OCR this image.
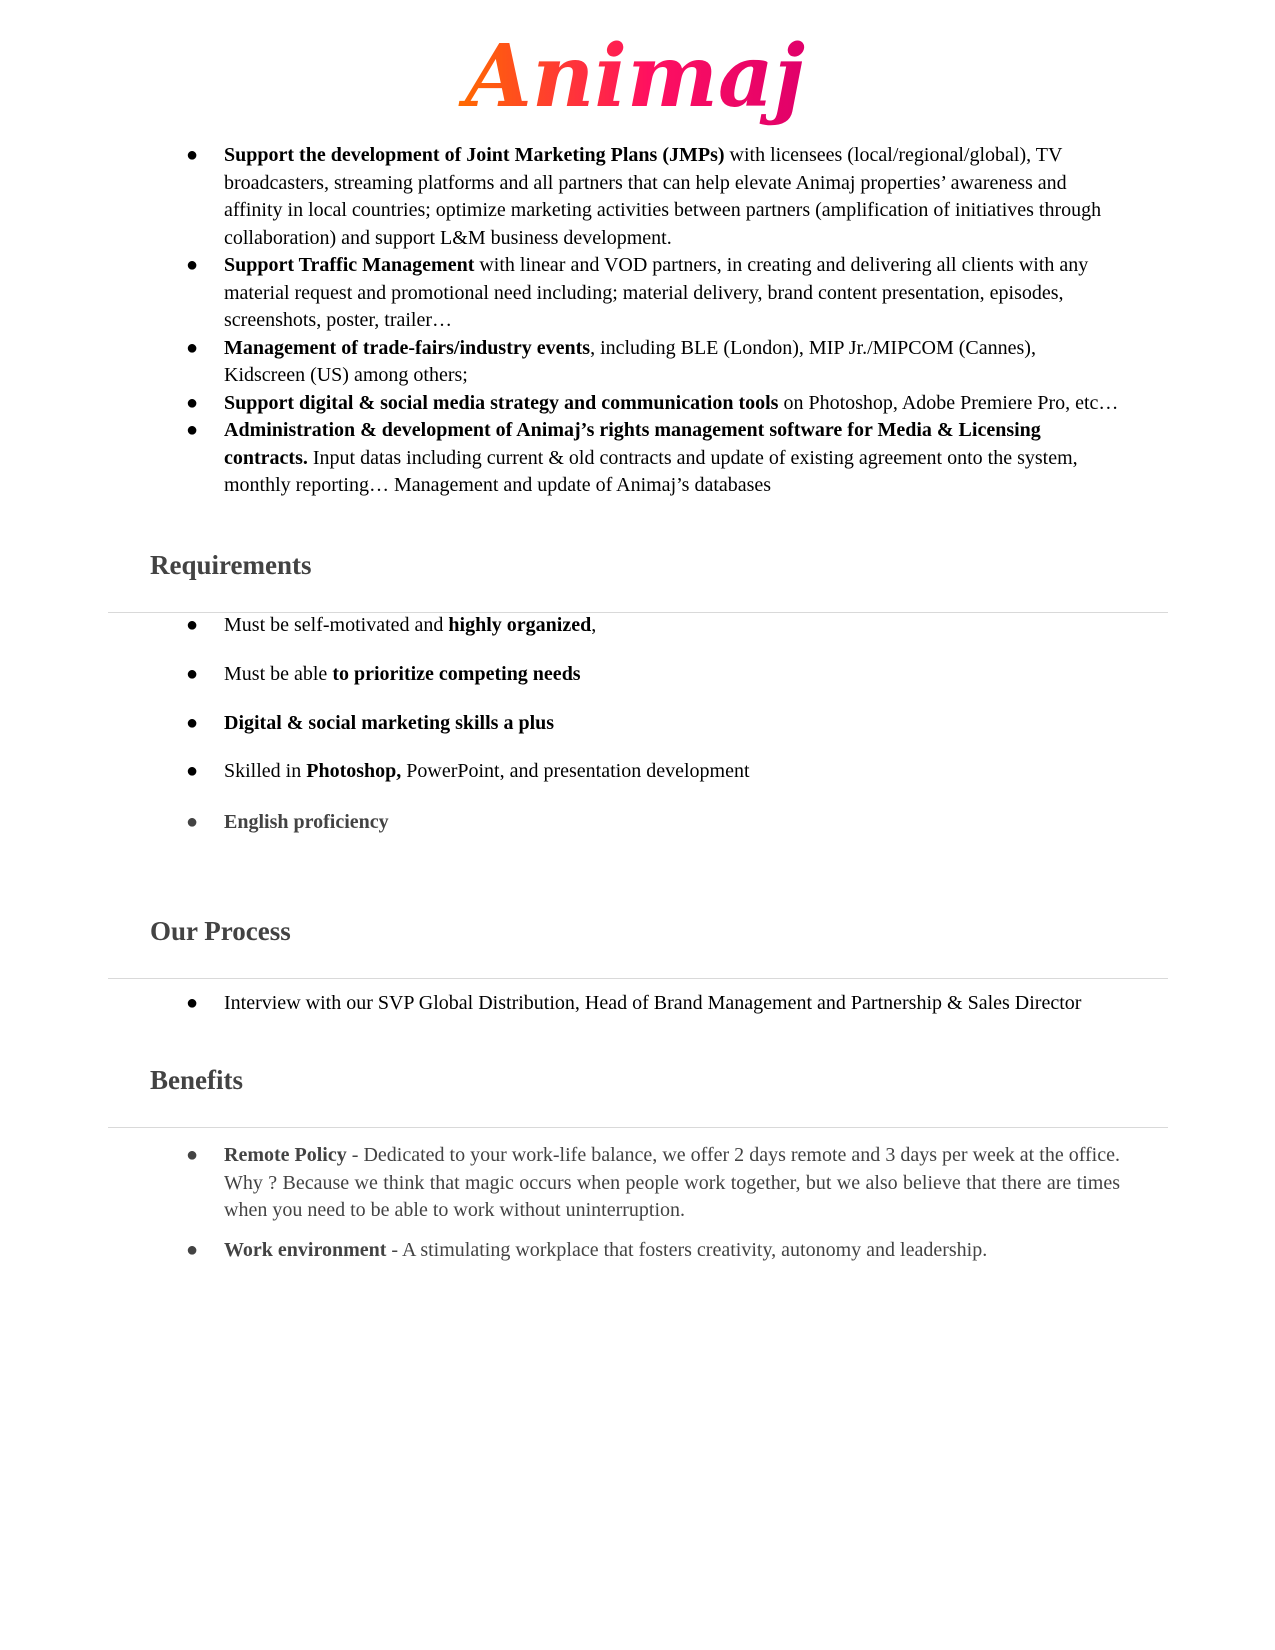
Animaj
● Support the development of Joint Marketing Plans (JMPs) with licensees (local/regional/global), TV broadcasters, streaming platforms and all partners that can help elevate Animaj properties’ awareness and affinity in local countries; optimize marketing activities between partners (amplification of initiatives through collaboration) and support L&M business development.
● Support Traffic Management with linear and VOD partners, in creating and delivering all clients with any material request and promotional need including; material delivery, brand content presentation, episodes, screenshots, poster, trailer…
● Management of trade-fairs/industry events, including BLE (London), MIP Jr./MIPCOM (Cannes), Kidscreen (US) among others;
● Support digital & social media strategy and communication tools on Photoshop, Adobe Premiere Pro, etc…
● Administration & development of Animaj’s rights management software for Media & Licensing contracts. Input datas including current & old contracts and update of existing agreement onto the system, monthly reporting… Management and update of Animaj’s databases
Requirements
● Must be self-motivated and highly organized,
● Must be able to prioritize competing needs
● Digital & social marketing skills a plus
● Skilled in Photoshop, PowerPoint, and presentation development
● English proficiency
Our Process
● Interview with our SVP Global Distribution, Head of Brand Management and Partnership & Sales Director
Benefits
● Remote Policy - Dedicated to your work-life balance, we offer 2 days remote and 3 days per week at the office. Why ? Because we think that magic occurs when people work together, but we also believe that there are times when you need to be able to work without uninterruption.
● Work environment - A stimulating workplace that fosters creativity, autonomy and leadership.
